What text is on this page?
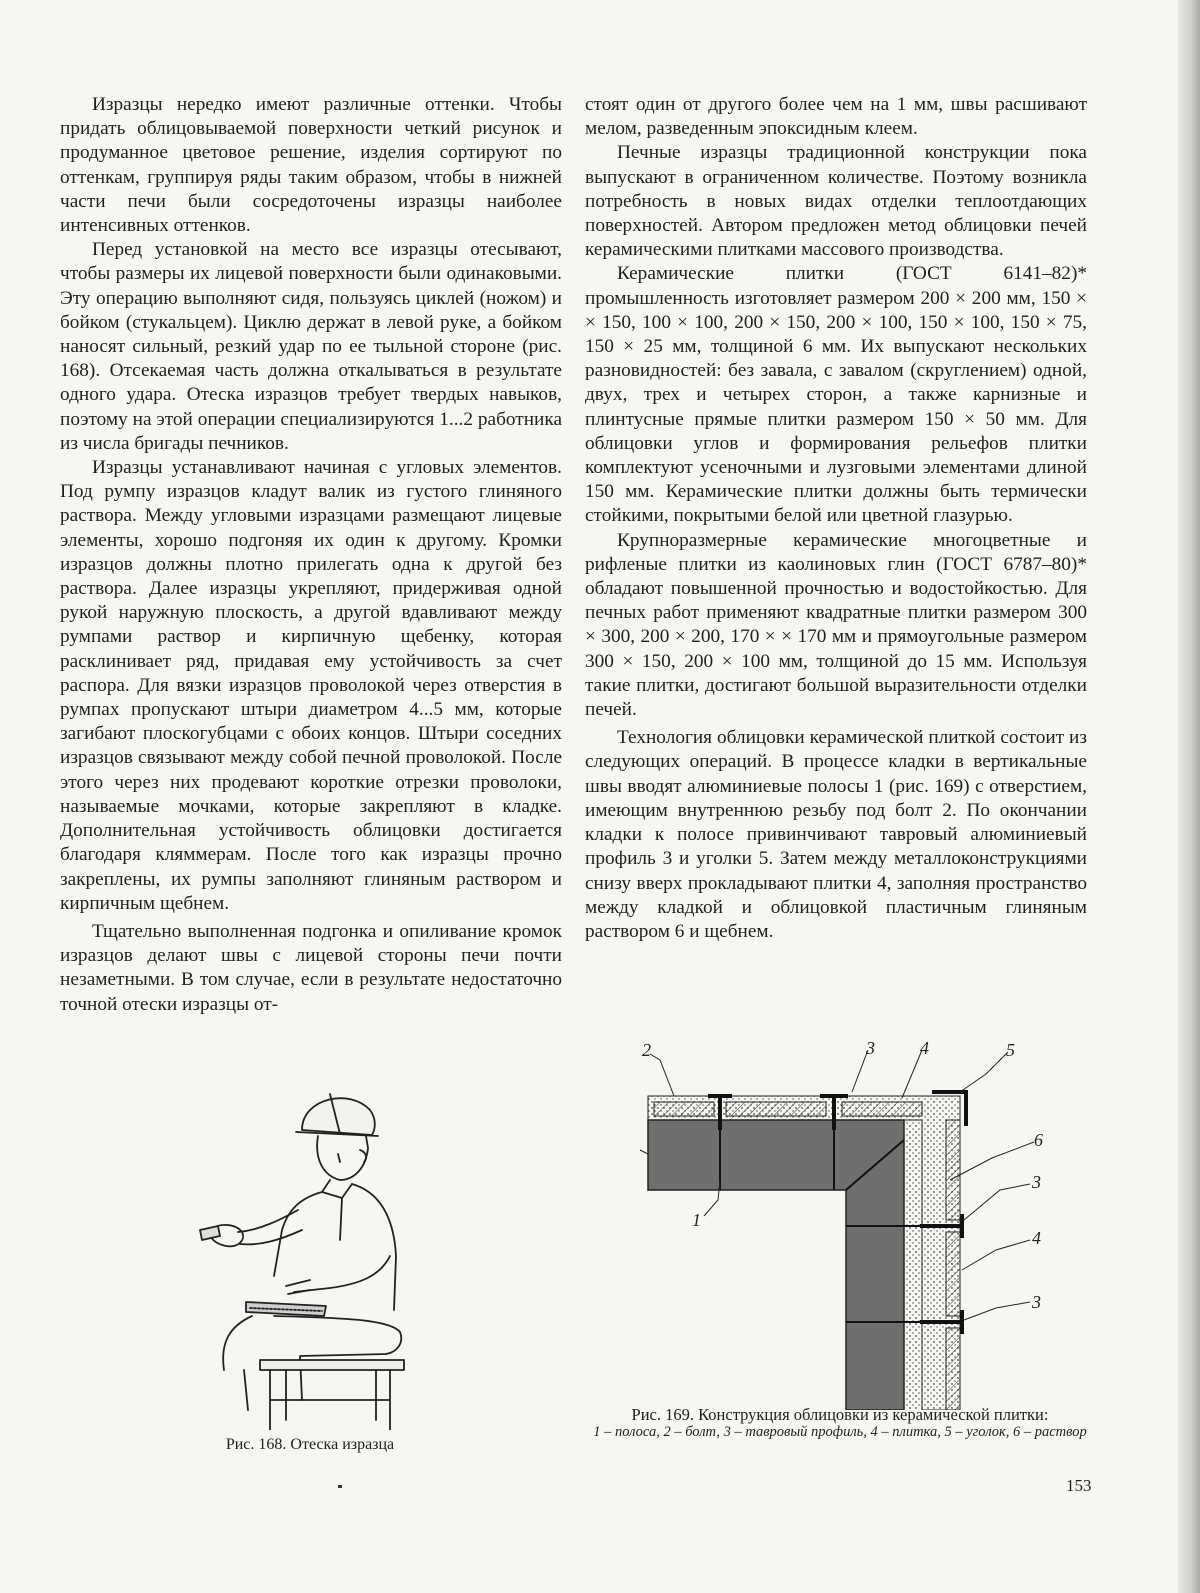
Изразцы нередко имеют различные оттенки. Чтобы придать облицовываемой поверхности четкий рисунок и продуманное цветовое решение, изделия сортируют по оттенкам, группируя ряды таким образом, чтобы в нижней части печи были сосредоточены изразцы наиболее интенсивных оттенков.

Перед установкой на место все изразцы отесывают, чтобы размеры их лицевой поверхности были одинаковыми. Эту операцию выполняют сидя, пользуясь циклей (ножом) и бойком (стукальцем). Циклю держат в левой руке, а бойком наносят сильный, резкий удар по ее тыльной стороне (рис. 168). Отсекаемая часть должна откалываться в результате одного удара. Отеска изразцов требует твердых навыков, поэтому на этой операции специализируются 1...2 работника из числа бригады печников.

Изразцы устанавливают начиная с угловых элементов. Под румпу изразцов кладут валик из густого глиняного раствора. Между угловыми изразцами размещают лицевые элементы, хорошо подгоняя их один к другому. Кромки изразцов должны плотно прилегать одна к другой без раствора. Далее изразцы укрепляют, придерживая одной рукой наружную плоскость, а другой вдавливают между румпами раствор и кирпичную щебенку, которая расклинивает ряд, придавая ему устойчивость за счет распора. Для вязки изразцов проволокой через отверстия в румпах пропускают штыри диаметром 4...5 мм, которые загибают плоскогубцами с обоих концов. Штыри соседних изразцов связывают между собой печной проволокой. После этого через них продевают короткие отрезки проволоки, называемые мочками, которые закрепляют в кладке. Дополнительная устойчивость облицовки достигается благодаря кляммерам. После того как изразцы прочно закреплены, их румпы заполняют глиняным раствором и кирпичным щебнем.

Тщательно выполненная подгонка и опиливание кромок изразцов делают швы с лицевой стороны печи почти незаметными. В том случае, если в результате недостаточно точной отески изразцы от-

стоят один от другого более чем на 1 мм, швы расшивают мелом, разведенным эпоксидным клеем.

Печные изразцы традиционной конструкции пока выпускают в ограниченном количестве. Поэтому возникла потребность в новых видах отделки теплоотдающих поверхностей. Автором предложен метод облицовки печей керамическими плитками массового производства.

Керамические плитки (ГОСТ 6141–82)* промышленность изготовляет размером 200 × 200 мм, 150 × × 150, 100 × 100, 200 × 150, 200 × 100, 150 × 100, 150 × 75, 150 × 25 мм, толщиной 6 мм. Их выпускают нескольких разновидностей: без завала, с завалом (скруглением) одной, двух, трех и четырех сторон, а также карнизные и плинтусные прямые плитки размером 150 × 50 мм. Для облицовки углов и формирования рельефов плитки комплектуют усеночными и лузговыми элементами длиной 150 мм. Керамические плитки должны быть термически стойкими, покрытыми белой или цветной глазурью.

Крупноразмерные керамические многоцветные и рифленые плитки из каолиновых глин (ГОСТ 6787–80)* обладают повышенной прочностью и водостойкостью. Для печных работ применяют квадратные плитки размером 300 × 300, 200 × 200, 170 × × 170 мм и прямоугольные размером 300 × 150, 200 × 100 мм, толщиной до 15 мм. Используя такие плитки, достигают большой выразительности отделки печей.

Технология облицовки керамической плиткой состоит из следующих операций. В процессе кладки в вертикальные швы вводят алюминиевые полосы 1 (рис. 169) с отверстием, имеющим внутреннюю резьбу под болт 2. По окончании кладки к полосе привинчивают тавровый алюминиевый профиль 3 и уголки 5. Затем между металлоконструкциями снизу вверх прокладывают плитки 4, заполняя пространство между кладкой и облицовкой пластичным глиняным раствором 6 и щебнем.

Рис. 168. Отеска изразца
2	3	4	5
6
3
4
3
1
Рис. 169. Конструкция облицовки из керамической плитки:
1 – полоса, 2 – болт, 3 – тавровый профиль, 4 – плитка, 5 – уголок, 6 – раствор
153
